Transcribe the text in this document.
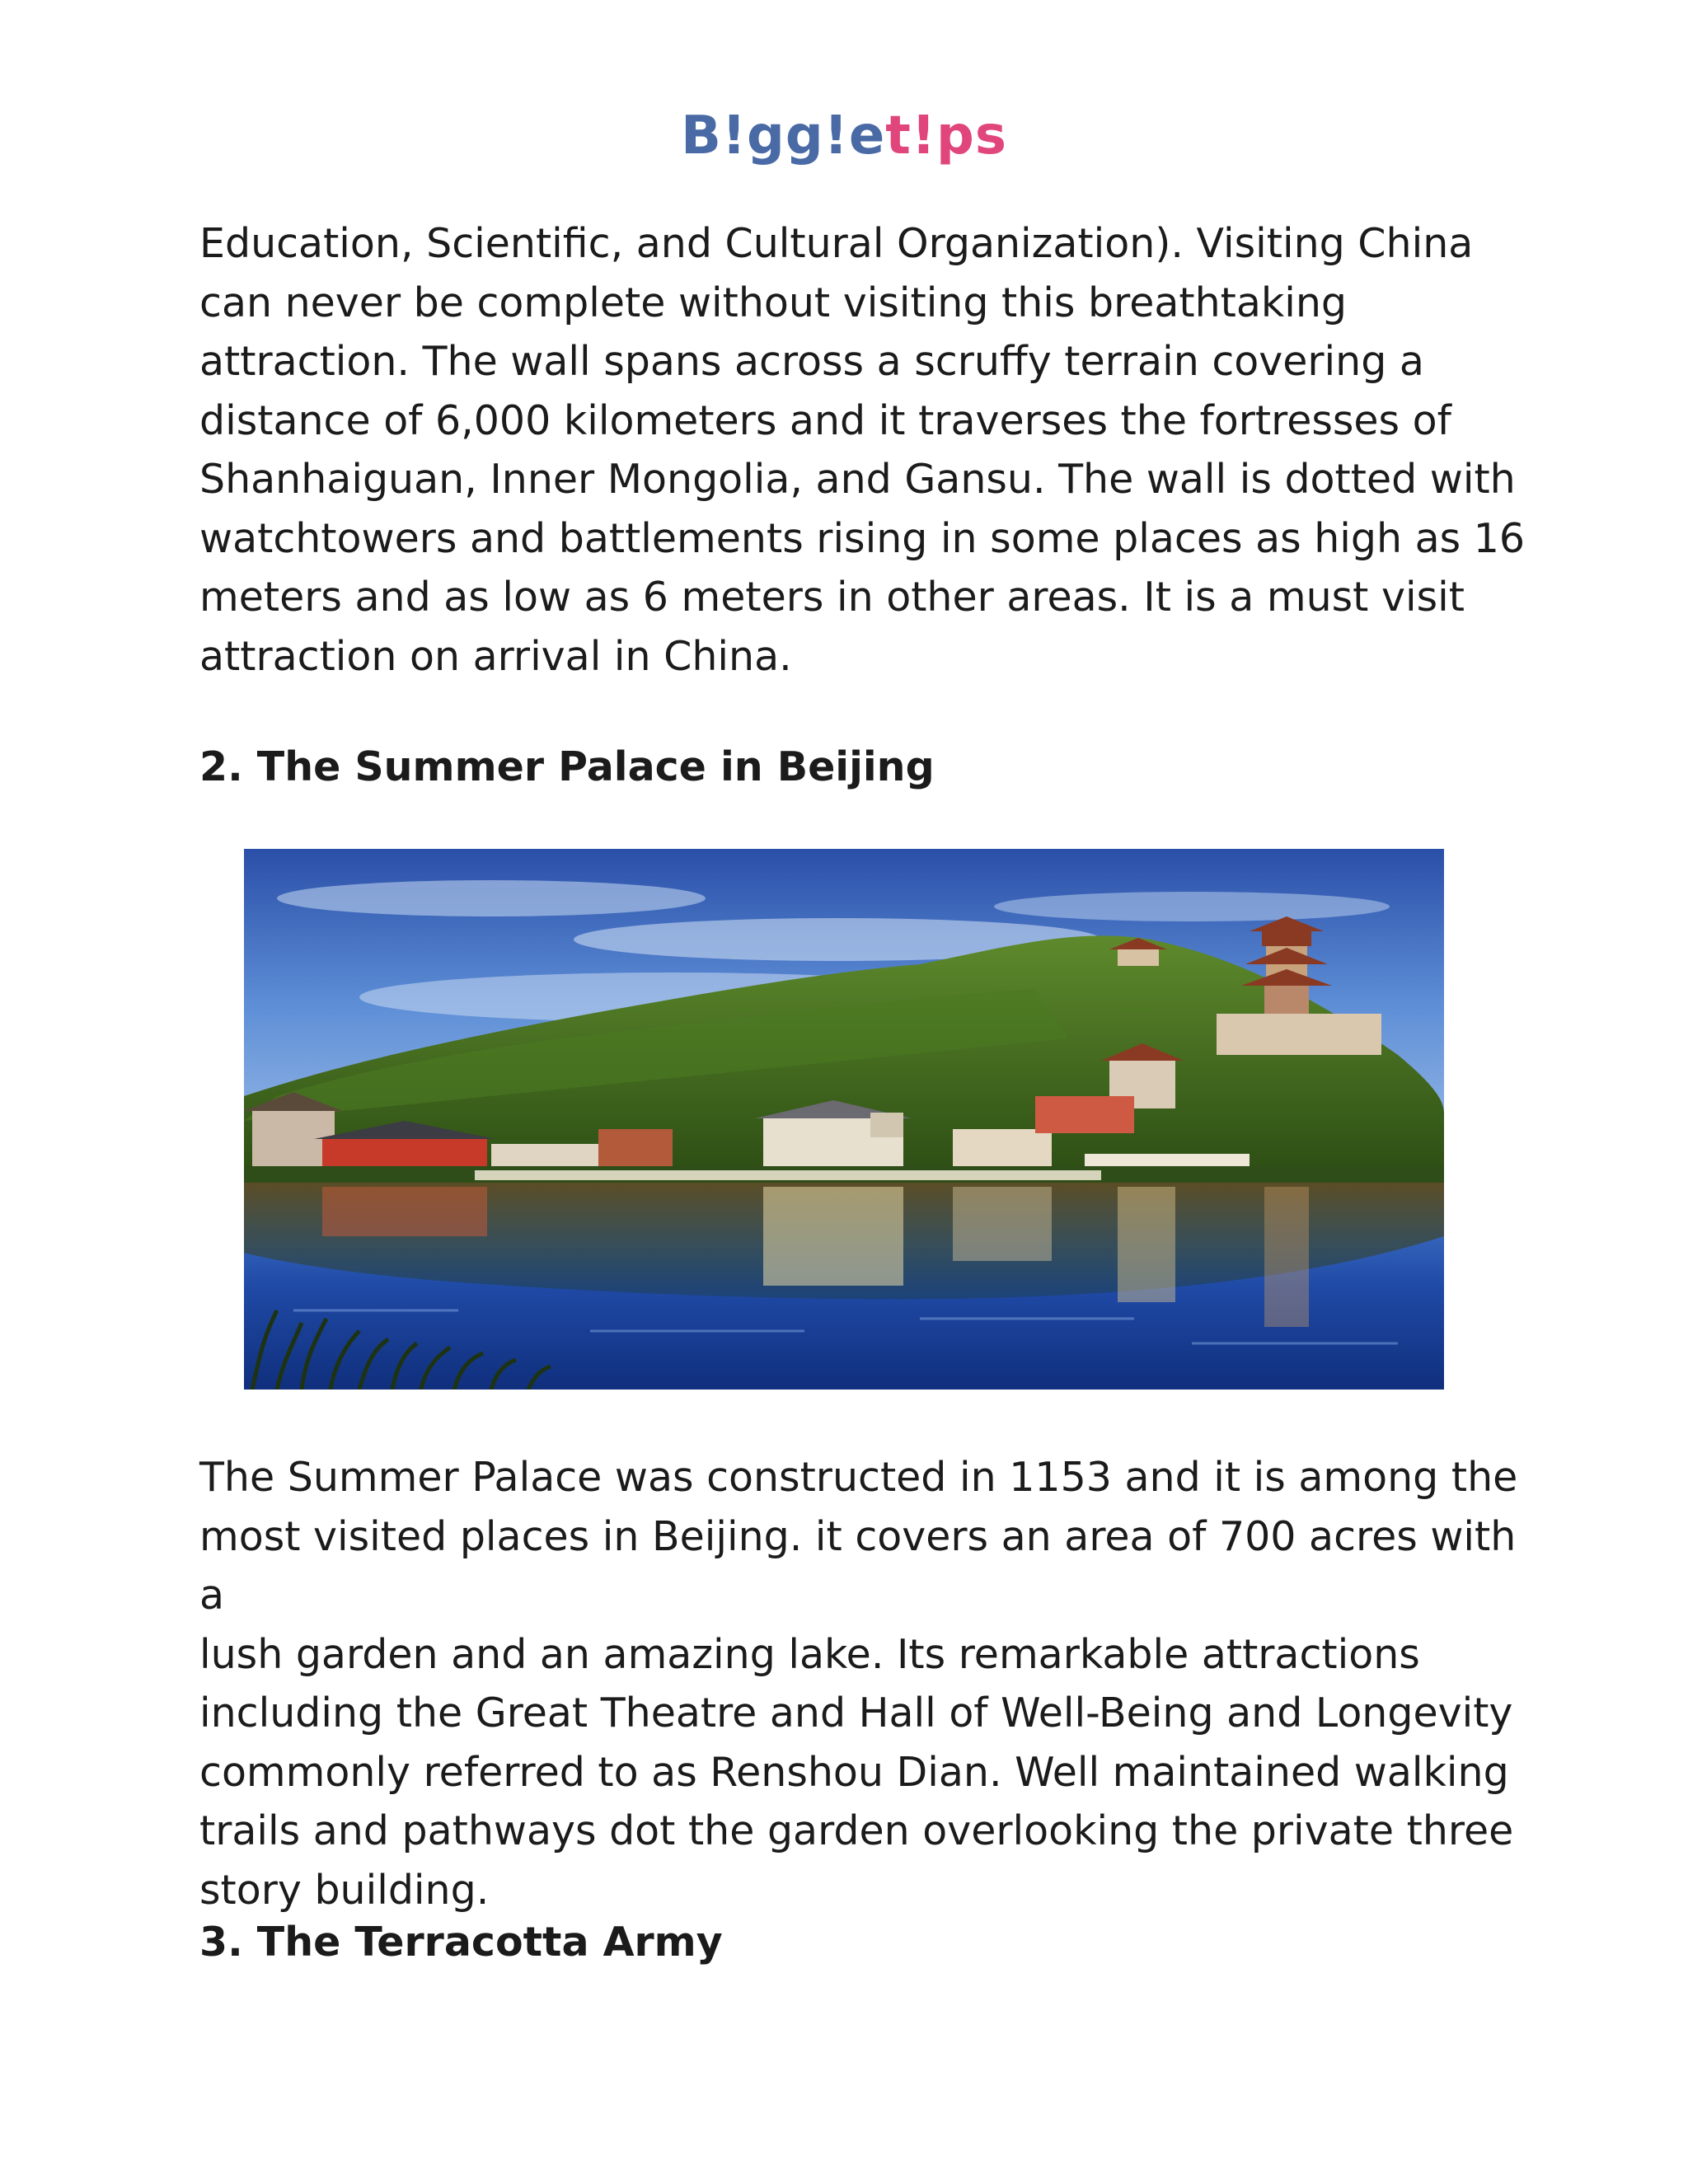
B!gg!et!ps

Education, Scientific, and Cultural Organization). Visiting China
can never be complete without visiting this breathtaking
attraction. The wall spans across a scruffy terrain covering a
distance of 6,000 kilometers and it traverses the fortresses of
Shanhaiguan, Inner Mongolia, and Gansu. The wall is dotted with
watchtowers and battlements rising in some places as high as 16
meters and as low as 6 meters in other areas. It is a must visit
attraction on arrival in China.

2. The Summer Palace in Beijing

The Summer Palace was constructed in 1153 and it is among the
most visited places in Beijing. it covers an area of 700 acres with a
lush garden and an amazing lake. Its remarkable attractions
including the Great Theatre and Hall of Well-Being and Longevity
commonly referred to as Renshou Dian. Well maintained walking
trails and pathways dot the garden overlooking the private three
story building.

3. The Terracotta Army
